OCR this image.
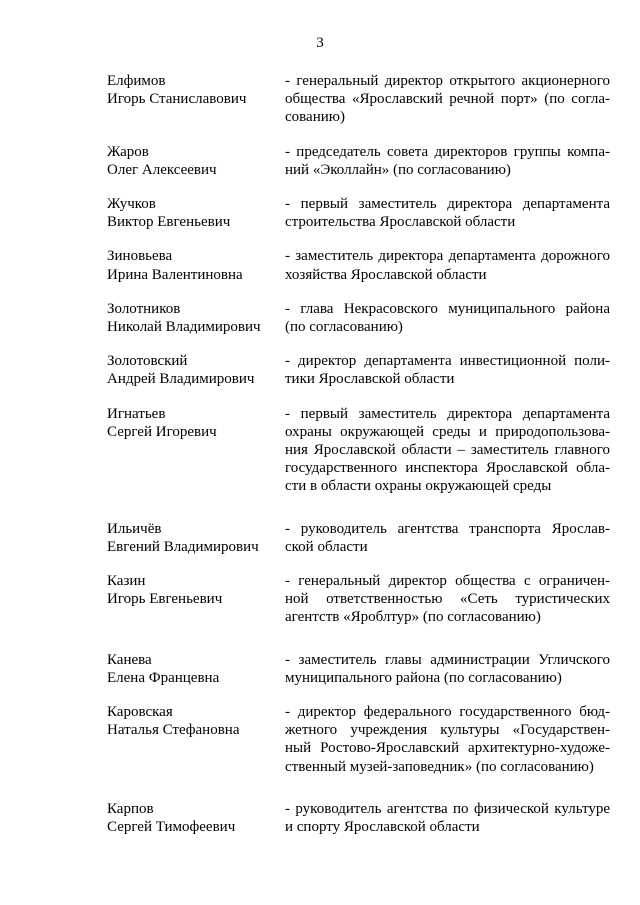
3
Елфимов
Игорь Станиславович
- генеральный директор открытого акционерного
общества «Ярославский речной порт» (по согла-
сованию)
Жаров
Олег Алексеевич
- председатель совета директоров группы компа-
ний «Эколлайн» (по согласованию)
Жучков
Виктор Евгеньевич
- первый заместитель директора департамента
строительства Ярославской области
Зиновьева
Ирина Валентиновна
- заместитель директора департамента дорожного
хозяйства Ярославской области
Золотников
Николай Владимирович
- глава Некрасовского муниципального района
(по согласованию)
Золотовский
Андрей Владимирович
- директор департамента инвестиционной поли-
тики Ярославской области
Игнатьев
Сергей Игоревич
- первый заместитель директора департамента
охраны окружающей среды и природопользова-
ния Ярославской области – заместитель главного
государственного инспектора Ярославской обла-
сти в области охраны окружающей среды
Ильичёв
Евгений Владимирович
- руководитель агентства транспорта Ярослав-
ской области
Казин
Игорь Евгеньевич
- генеральный директор общества с ограничен-
ной ответственностью «Сеть туристических
агентств «Яроблтур» (по согласованию)
Канева
Елена Францевна
- заместитель главы администрации Угличского
муниципального района (по согласованию)
Каровская
Наталья Стефановна
- директор федерального государственного бюд-
жетного учреждения культуры «Государствен-
ный Ростово-Ярославский архитектурно-художе-
ственный музей-заповедник» (по согласованию)
Карпов
Сергей Тимофеевич
- руководитель агентства по физической культуре
и спорту Ярославской области
